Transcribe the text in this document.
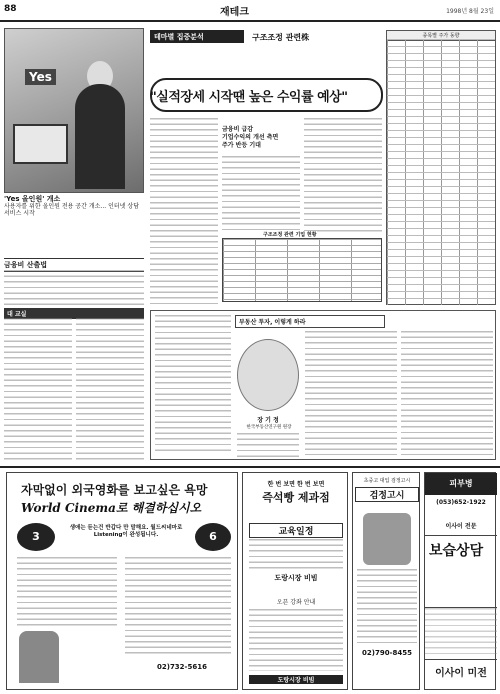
88	재테크	1998년 8월 23일
Yes
'Yes 올인원' 개소
사용자를 위한 올인원 전용 공간 개소... 인터넷 상담 서비스 시작
금융비 산출법
대 교실
테마별 집중분석	구조조정 관련株
"실적장세 시작땐 높은 수익률 예상"
금융비 급감
기업수익의 개선 측면
주가 반등 기대
구조조정 관련 기업 현황
종목별 주가 동향
부동산 투자, 이렇게 하라
장 기 정
한국부동산연구원 원장
자막없이 외국영화를 보고싶은 욕망
World Cinema로 해결하십시오
3
생애는 듣는건 반갑다 만 말해요. 월드씨네마로 Listening이 완성됩니다.	6
02)732-5616
한 번 보면 한 번 보면
즉석빵 제과점
교육일정
도랑시장 비빔
오픈 강좌 안내
도랑시장 비빔
초중고 대입 검정고시
검정고시
02)790-8455
피부병
(053)652-1922
이사이 전문
보습상담
이사이 미전
